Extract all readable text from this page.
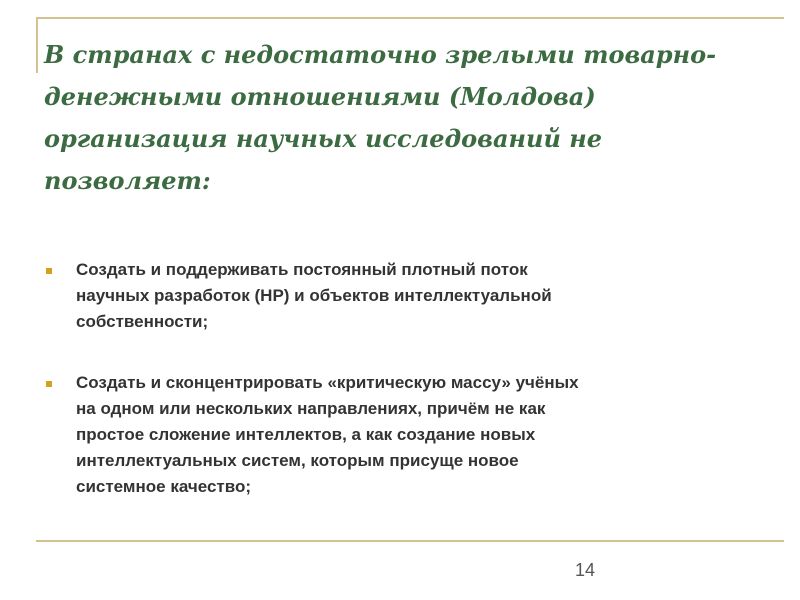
В странах с недостаточно зрелыми товарно-
денежными отношениями (Молдова)
организация научных исследований не
позволяет:
Создать и поддерживать постоянный плотный поток
научных разработок (НР) и объектов интеллектуальной
собственности;
Создать и сконцентрировать «критическую массу» учёных
на одном или нескольких направлениях, причём не как
простое сложение интеллектов, а как создание новых
интеллектуальных систем, которым присуще новое
системное качество;
14
